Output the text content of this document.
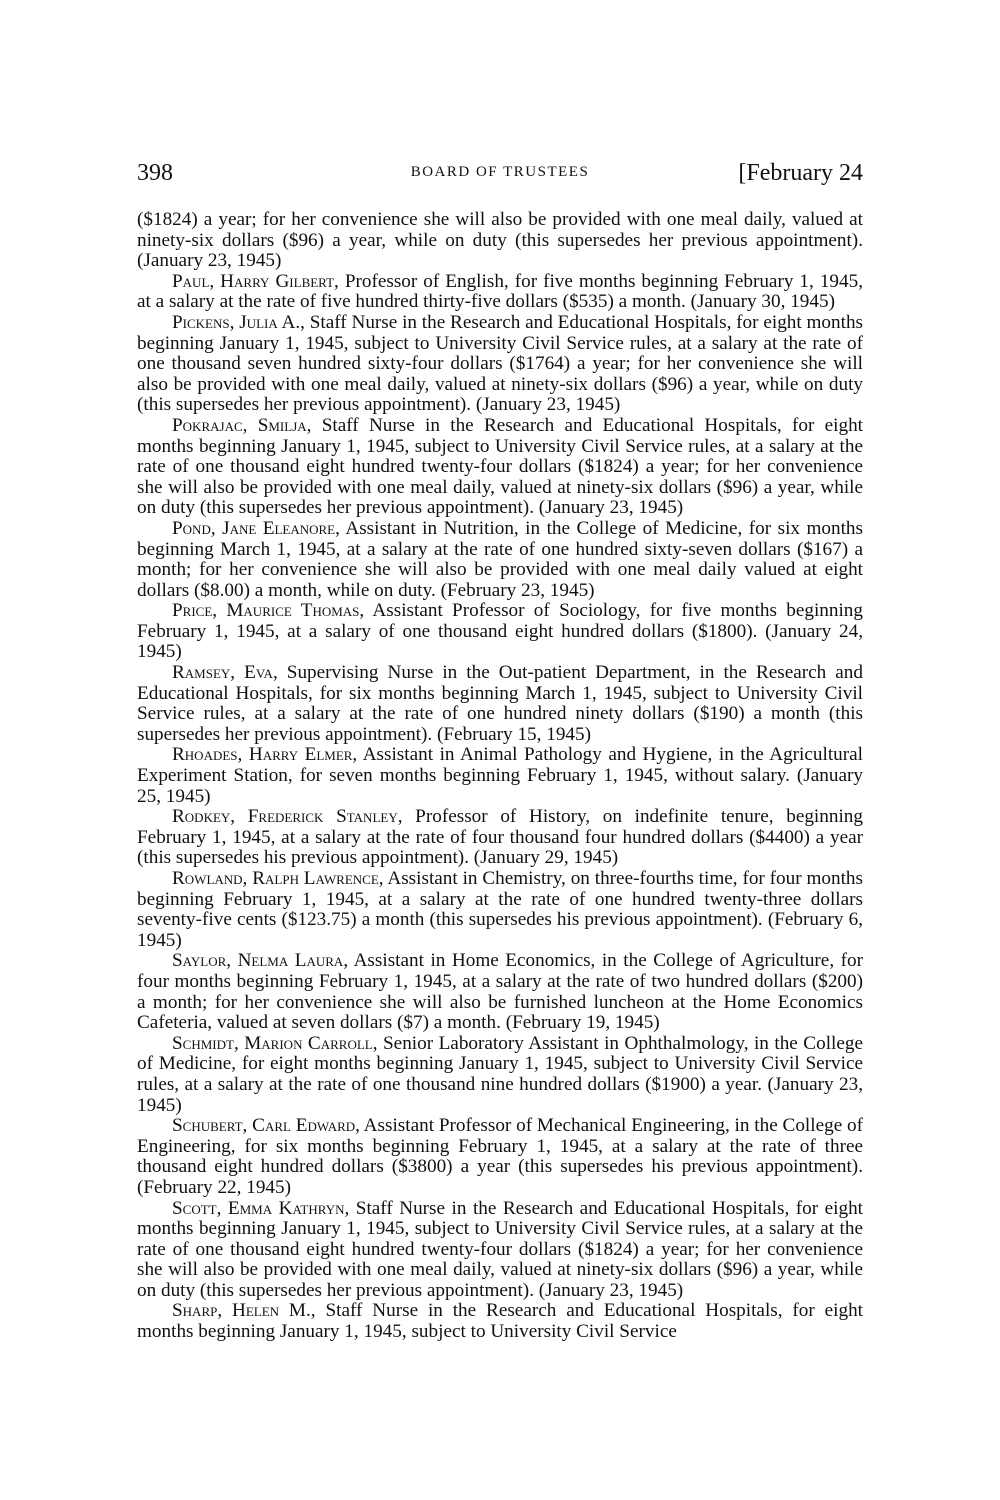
398	BOARD OF TRUSTEES	[February 24

($1824) a year; for her convenience she will also be provided with one meal daily, valued at ninety-six dollars ($96) a year, while on duty (this supersedes her previous appointment). (January 23, 1945)

Paul, Harry Gilbert, Professor of English, for five months beginning February 1, 1945, at a salary at the rate of five hundred thirty-five dollars ($535) a month. (January 30, 1945)

Pickens, Julia A., Staff Nurse in the Research and Educational Hospitals, for eight months beginning January 1, 1945, subject to University Civil Service rules, at a salary at the rate of one thousand seven hundred sixty-four dollars ($1764) a year; for her convenience she will also be provided with one meal daily, valued at ninety-six dollars ($96) a year, while on duty (this supersedes her previous appointment). (January 23, 1945)

Pokrajac, Smilja, Staff Nurse in the Research and Educational Hospitals, for eight months beginning January 1, 1945, subject to University Civil Service rules, at a salary at the rate of one thousand eight hundred twenty-four dollars ($1824) a year; for her convenience she will also be provided with one meal daily, valued at ninety-six dollars ($96) a year, while on duty (this supersedes her previous appointment). (January 23, 1945)

Pond, Jane Eleanore, Assistant in Nutrition, in the College of Medicine, for six months beginning March 1, 1945, at a salary at the rate of one hundred sixty-seven dollars ($167) a month; for her convenience she will also be provided with one meal daily valued at eight dollars ($8.00) a month, while on duty. (February 23, 1945)

Price, Maurice Thomas, Assistant Professor of Sociology, for five months beginning February 1, 1945, at a salary of one thousand eight hundred dollars ($1800). (January 24, 1945)

Ramsey, Eva, Supervising Nurse in the Out-patient Department, in the Research and Educational Hospitals, for six months beginning March 1, 1945, subject to University Civil Service rules, at a salary at the rate of one hundred ninety dollars ($190) a month (this supersedes her previous appointment). (February 15, 1945)

Rhoades, Harry Elmer, Assistant in Animal Pathology and Hygiene, in the Agricultural Experiment Station, for seven months beginning February 1, 1945, without salary. (January 25, 1945)

Rodkey, Frederick Stanley, Professor of History, on indefinite tenure, beginning February 1, 1945, at a salary at the rate of four thousand four hundred dollars ($4400) a year (this supersedes his previous appointment). (January 29, 1945)

Rowland, Ralph Lawrence, Assistant in Chemistry, on three-fourths time, for four months beginning February 1, 1945, at a salary at the rate of one hundred twenty-three dollars seventy-five cents ($123.75) a month (this supersedes his previous appointment). (February 6, 1945)

Saylor, Nelma Laura, Assistant in Home Economics, in the College of Agriculture, for four months beginning February 1, 1945, at a salary at the rate of two hundred dollars ($200) a month; for her convenience she will also be furnished luncheon at the Home Economics Cafeteria, valued at seven dollars ($7) a month. (February 19, 1945)

Schmidt, Marion Carroll, Senior Laboratory Assistant in Ophthalmology, in the College of Medicine, for eight months beginning January 1, 1945, subject to University Civil Service rules, at a salary at the rate of one thousand nine hundred dollars ($1900) a year. (January 23, 1945)

Schubert, Carl Edward, Assistant Professor of Mechanical Engineering, in the College of Engineering, for six months beginning February 1, 1945, at a salary at the rate of three thousand eight hundred dollars ($3800) a year (this supersedes his previous appointment). (February 22, 1945)

Scott, Emma Kathryn, Staff Nurse in the Research and Educational Hospitals, for eight months beginning January 1, 1945, subject to University Civil Service rules, at a salary at the rate of one thousand eight hundred twenty-four dollars ($1824) a year; for her convenience she will also be provided with one meal daily, valued at ninety-six dollars ($96) a year, while on duty (this supersedes her previous appointment). (January 23, 1945)

Sharp, Helen M., Staff Nurse in the Research and Educational Hospitals, for eight months beginning January 1, 1945, subject to University Civil Service
